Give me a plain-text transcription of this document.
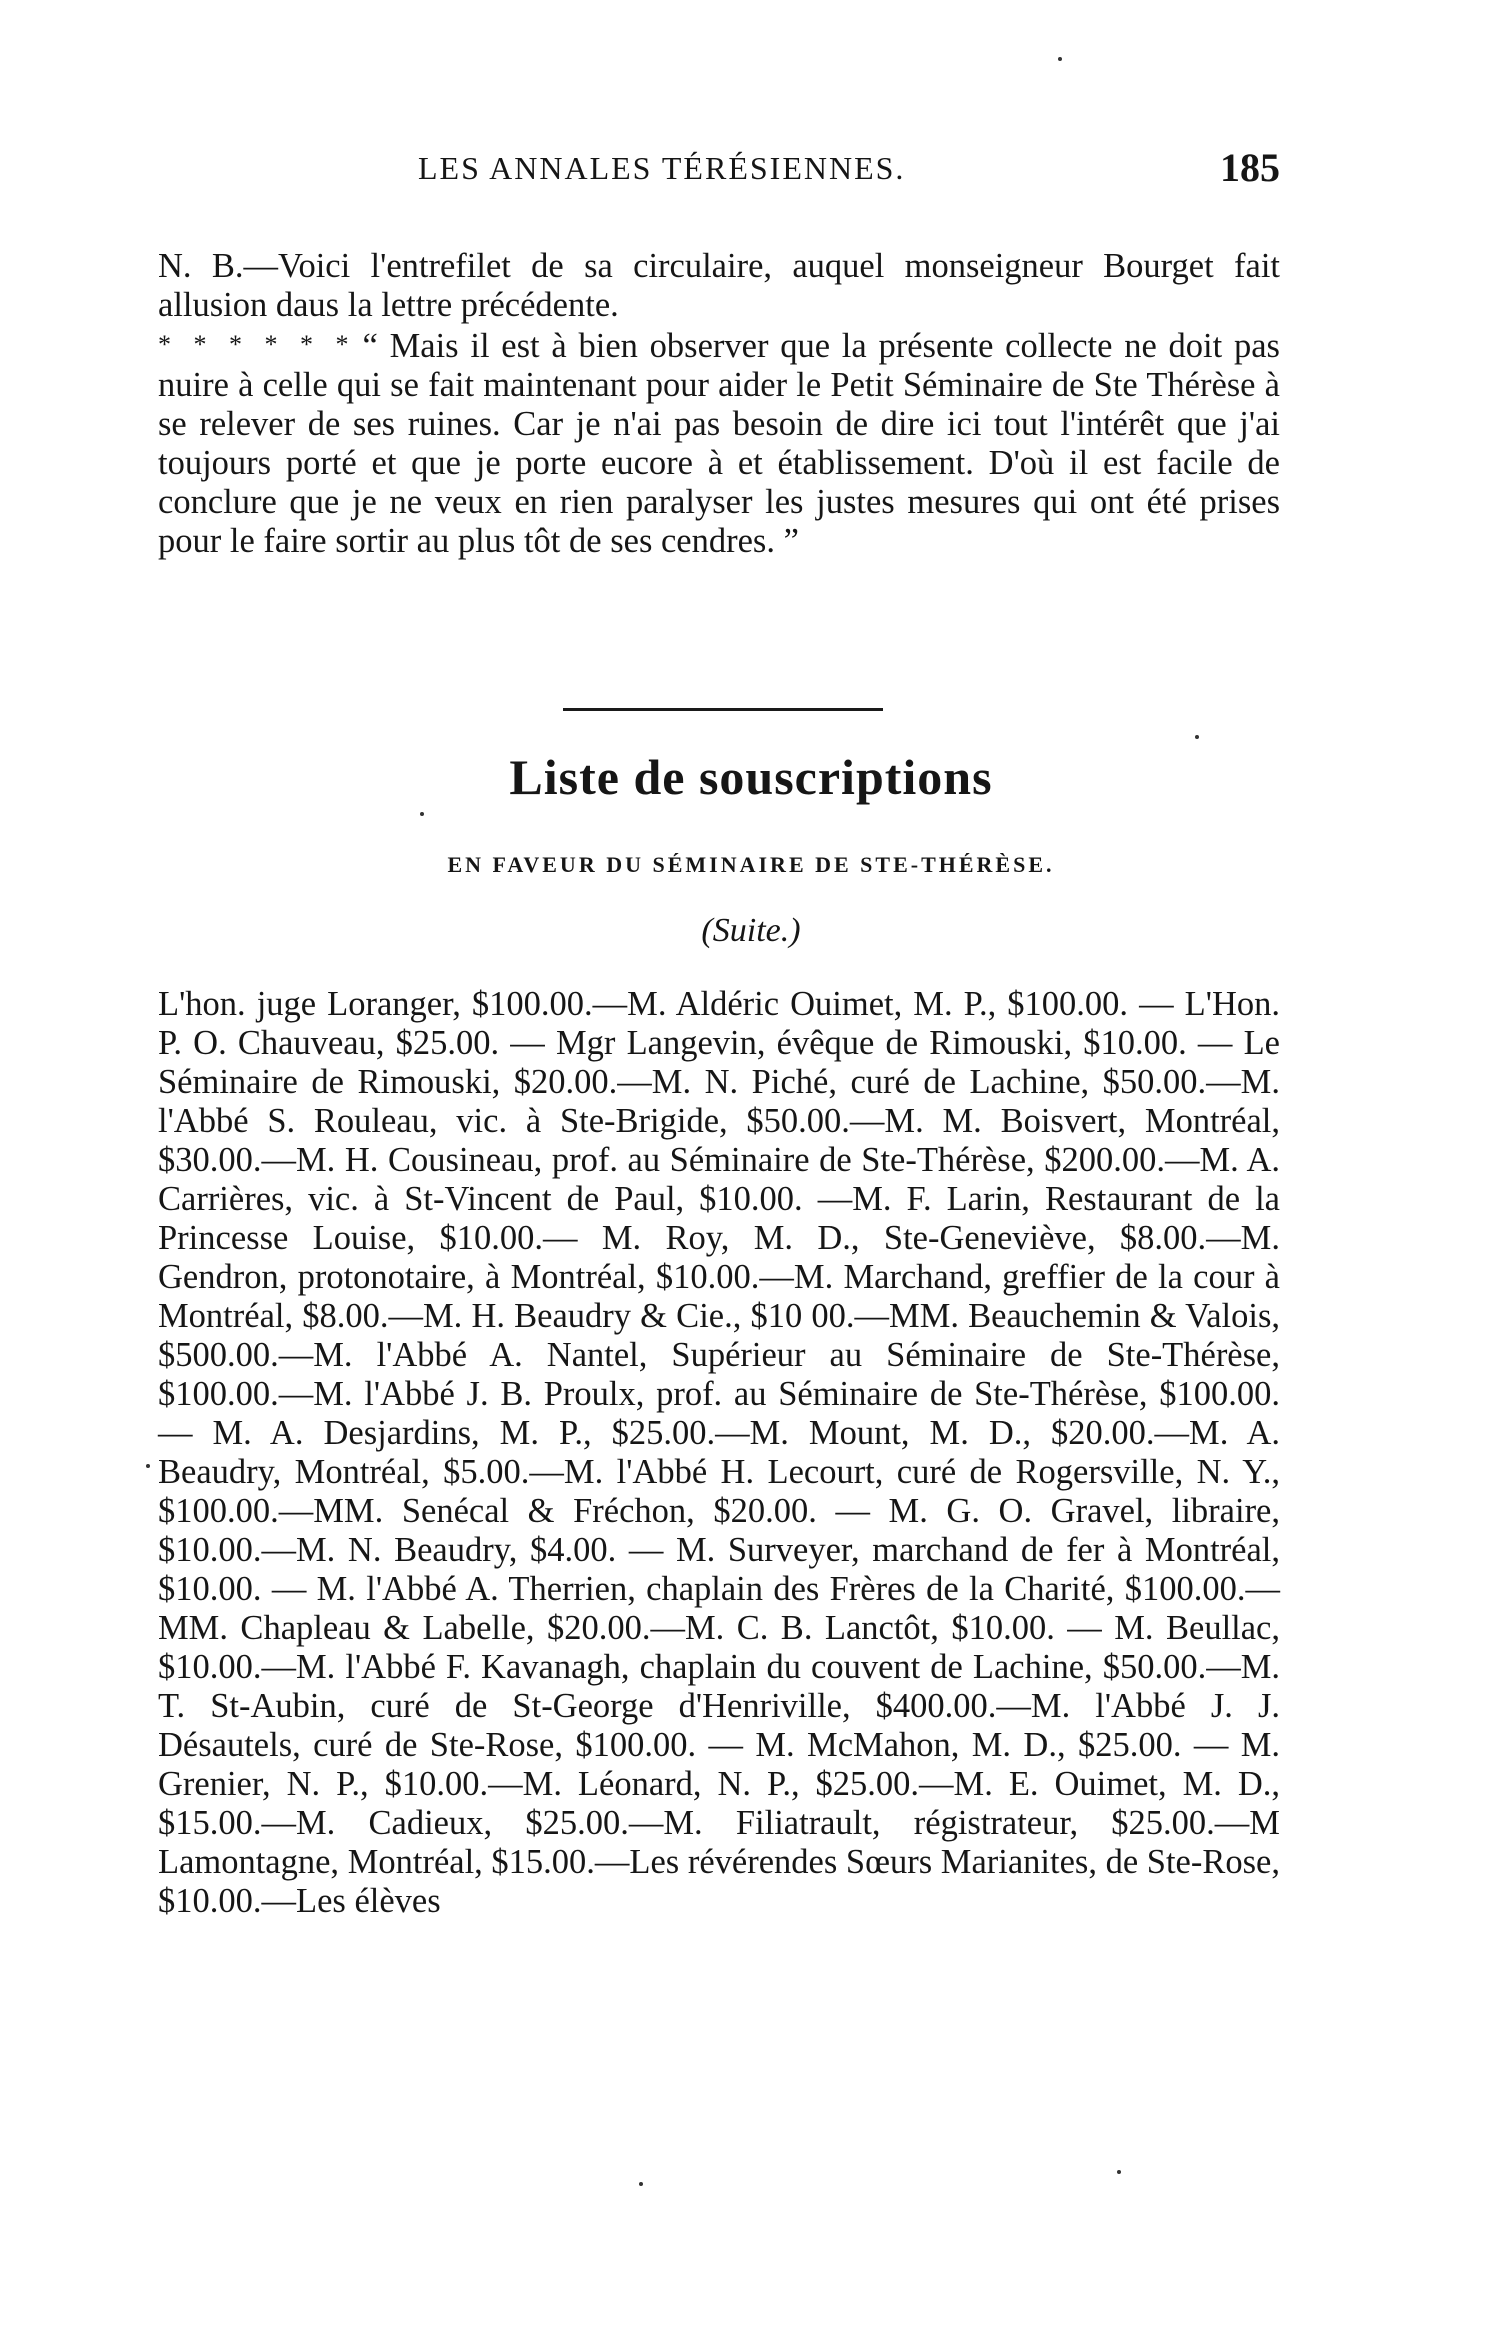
LES ANNALES TÉRÉSIENNES.	185

N. B.—Voici l'entrefilet de sa circulaire, auquel monseigneur Bourget fait allusion daus la lettre précédente.

* * * * * * “ Mais il est à bien observer que la présente collecte ne doit pas nuire à celle qui se fait maintenant pour aider le Petit Séminaire de Ste Thérèse à se relever de ses ruines. Car je n'ai pas besoin de dire ici tout l'intérêt que j'ai toujours porté et que je porte eucore à et établissement. D'où il est facile de conclure que je ne veux en rien paralyser les justes mesures qui ont été prises pour le faire sortir au plus tôt de ses cendres. ”

Liste de souscriptions
EN FAVEUR DU SÉMINAIRE DE STE-THÉRÈSE.
(Suite.)

L'hon. juge Loranger, $100.00.—M. Aldéric Ouimet, M. P., $100.00. — L'Hon. P. O. Chauveau, $25.00. — Mgr Langevin, évêque de Rimouski, $10.00. — Le Séminaire de Rimouski, $20.00.—M. N. Piché, curé de Lachine, $50.00.—M. l'Abbé S. Rouleau, vic. à Ste-Brigide, $50.00.—M. M. Boisvert, Montréal, $30.00.—M. H. Cousineau, prof. au Séminaire de Ste-Thérèse, $200.00.—M. A. Carrières, vic. à St-Vincent de Paul, $10.00. —M. F. Larin, Restaurant de la Princesse Louise, $10.00.— M. Roy, M. D., Ste-Geneviève, $8.00.—M. Gendron, protonotaire, à Montréal, $10.00.—M. Marchand, greffier de la cour à Montréal, $8.00.—M. H. Beaudry & Cie., $10 00.—MM. Beauchemin & Valois, $500.00.—M. l'Abbé A. Nantel, Supérieur au Séminaire de Ste-Thérèse, $100.00.—M. l'Abbé J. B. Proulx, prof. au Séminaire de Ste-Thérèse, $100.00. — M. A. Desjardins, M. P., $25.00.—M. Mount, M. D., $20.00.—M. A. Beaudry, Montréal, $5.00.—M. l'Abbé H. Lecourt, curé de Rogersville, N. Y., $100.00.—MM. Senécal & Fréchon, $20.00. — M. G. O. Gravel, libraire, $10.00.—M. N. Beaudry, $4.00. — M. Surveyer, marchand de fer à Montréal, $10.00. — M. l'Abbé A. Therrien, chaplain des Frères de la Charité, $100.00.— MM. Chapleau & Labelle, $20.00.—M. C. B. Lanctôt, $10.00. — M. Beullac, $10.00.—M. l'Abbé F. Kavanagh, chaplain du couvent de Lachine, $50.00.—M. T. St-Aubin, curé de St-George d'Henriville, $400.00.—M. l'Abbé J. J. Désautels, curé de Ste-Rose, $100.00. — M. McMahon, M. D., $25.00. — M. Grenier, N. P., $10.00.—M. Léonard, N. P., $25.00.—M. E. Ouimet, M. D., $15.00.—M. Cadieux, $25.00.—M. Filiatrault, régistrateur, $25.00.—M Lamontagne, Montréal, $15.00.—Les révérendes Sœurs Marianites, de Ste-Rose, $10.00.—Les élèves
